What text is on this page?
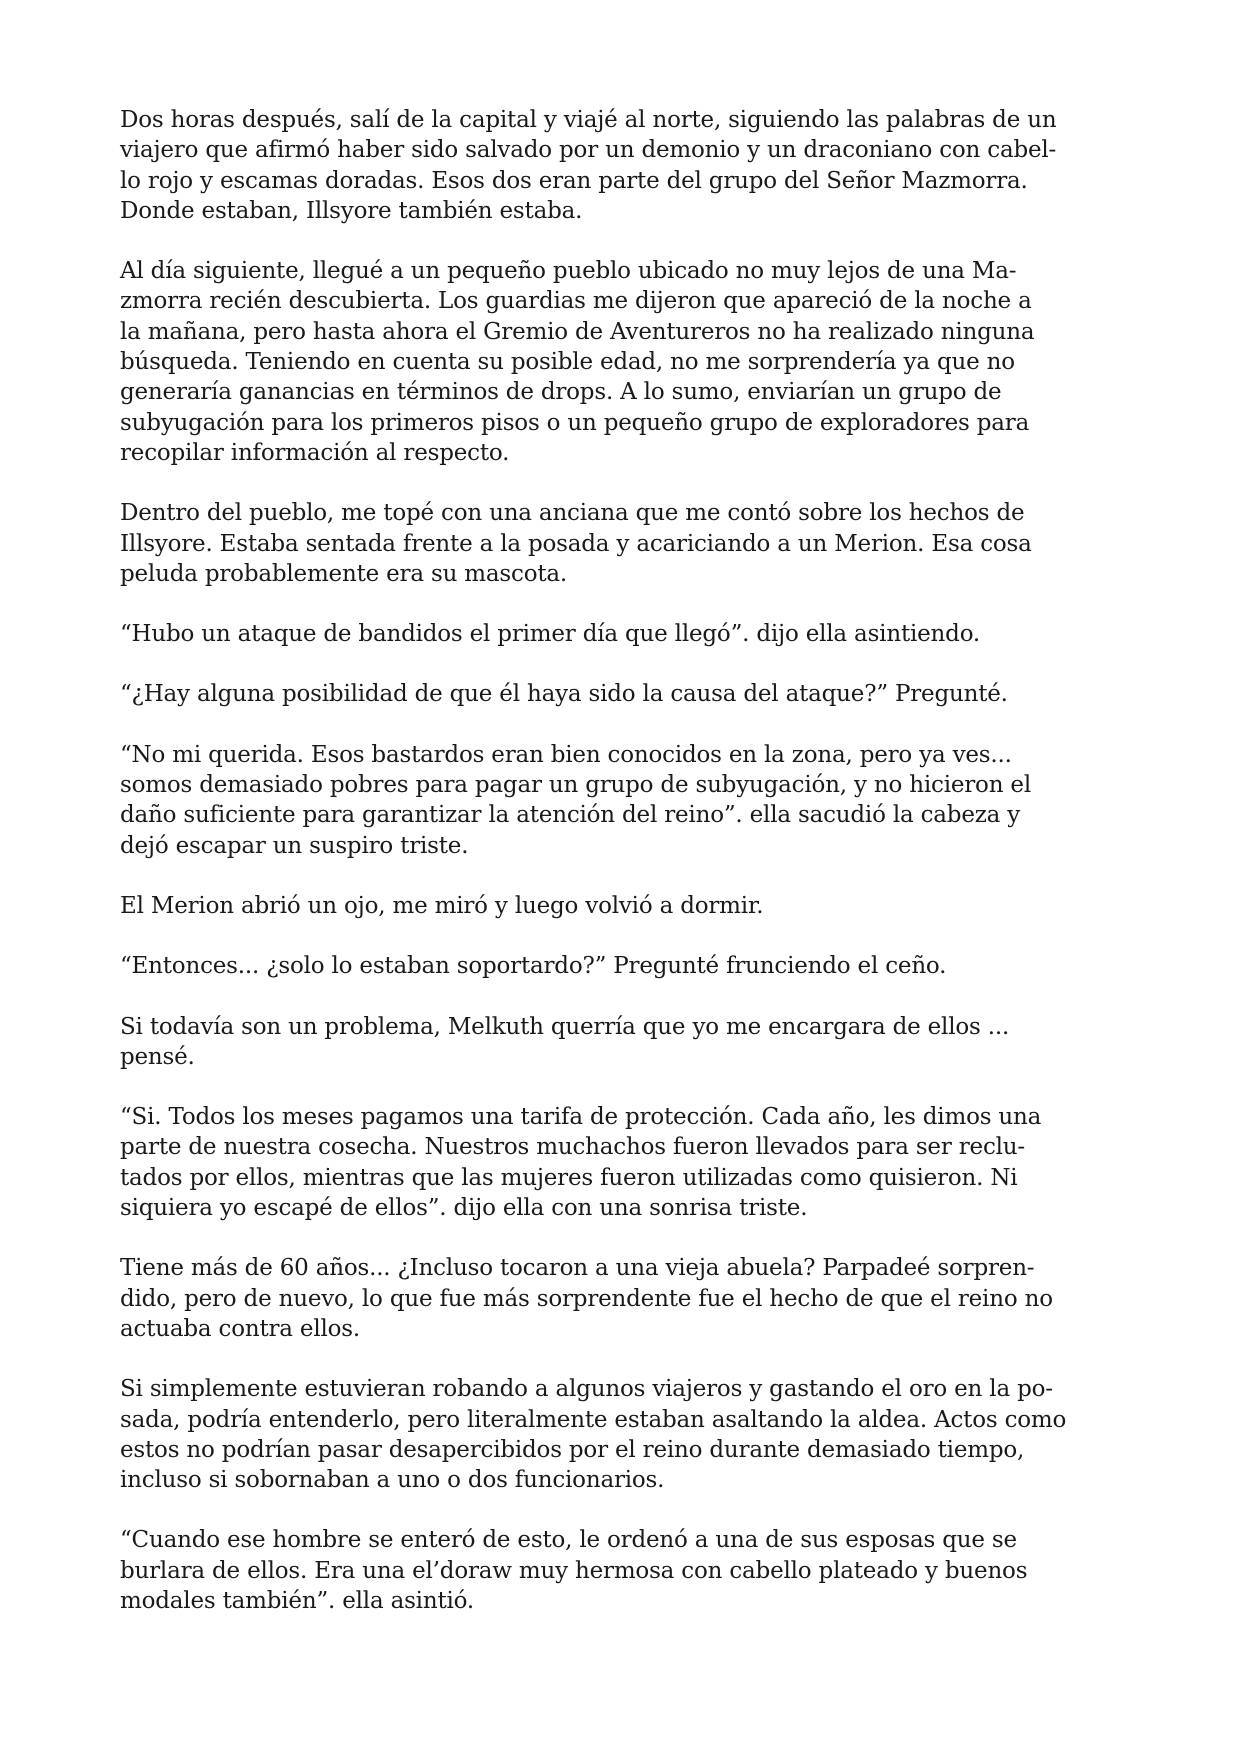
Dos horas después, salí de la capital y viajé al norte, siguiendo las palabras de un
viajero que afirmó haber sido salvado por un demonio y un draconiano con cabel-
lo rojo y escamas doradas. Esos dos eran parte del grupo del Señor Mazmorra.
Donde estaban, Illsyore también estaba.

Al día siguiente, llegué a un pequeño pueblo ubicado no muy lejos de una Ma-
zmorra recién descubierta. Los guardias me dijeron que apareció de la noche a
la mañana, pero hasta ahora el Gremio de Aventureros no ha realizado ninguna
búsqueda. Teniendo en cuenta su posible edad, no me sorprendería ya que no
generaría ganancias en términos de drops. A lo sumo, enviarían un grupo de
subyugación para los primeros pisos o un pequeño grupo de exploradores para
recopilar información al respecto.

Dentro del pueblo, me topé con una anciana que me contó sobre los hechos de
Illsyore. Estaba sentada frente a la posada y acariciando a un Merion. Esa cosa
peluda probablemente era su mascota.

“Hubo un ataque de bandidos el primer día que llegó”. dijo ella asintiendo.

“¿Hay alguna posibilidad de que él haya sido la causa del ataque?” Pregunté.

“No mi querida. Esos bastardos eran bien conocidos en la zona, pero ya ves...
somos demasiado pobres para pagar un grupo de subyugación, y no hicieron el
daño suficiente para garantizar la atención del reino”. ella sacudió la cabeza y
dejó escapar un suspiro triste.

El Merion abrió un ojo, me miró y luego volvió a dormir.

“Entonces... ¿solo lo estaban soportardo?” Pregunté frunciendo el ceño.

Si todavía son un problema, Melkuth querría que yo me encargara de ellos ...
pensé.

“Si. Todos los meses pagamos una tarifa de protección. Cada año, les dimos una
parte de nuestra cosecha. Nuestros muchachos fueron llevados para ser reclu-
tados por ellos, mientras que las mujeres fueron utilizadas como quisieron. Ni
siquiera yo escapé de ellos”. dijo ella con una sonrisa triste.

Tiene más de 60 años... ¿Incluso tocaron a una vieja abuela? Parpadeé sorpren-
dido, pero de nuevo, lo que fue más sorprendente fue el hecho de que el reino no
actuaba contra ellos.

Si simplemente estuvieran robando a algunos viajeros y gastando el oro en la po-
sada, podría entenderlo, pero literalmente estaban asaltando la aldea. Actos como
estos no podrían pasar desapercibidos por el reino durante demasiado tiempo,
incluso si sobornaban a uno o dos funcionarios.

“Cuando ese hombre se enteró de esto, le ordenó a una de sus esposas que se
burlara de ellos. Era una el’doraw muy hermosa con cabello plateado y buenos
modales también”. ella asintió.
